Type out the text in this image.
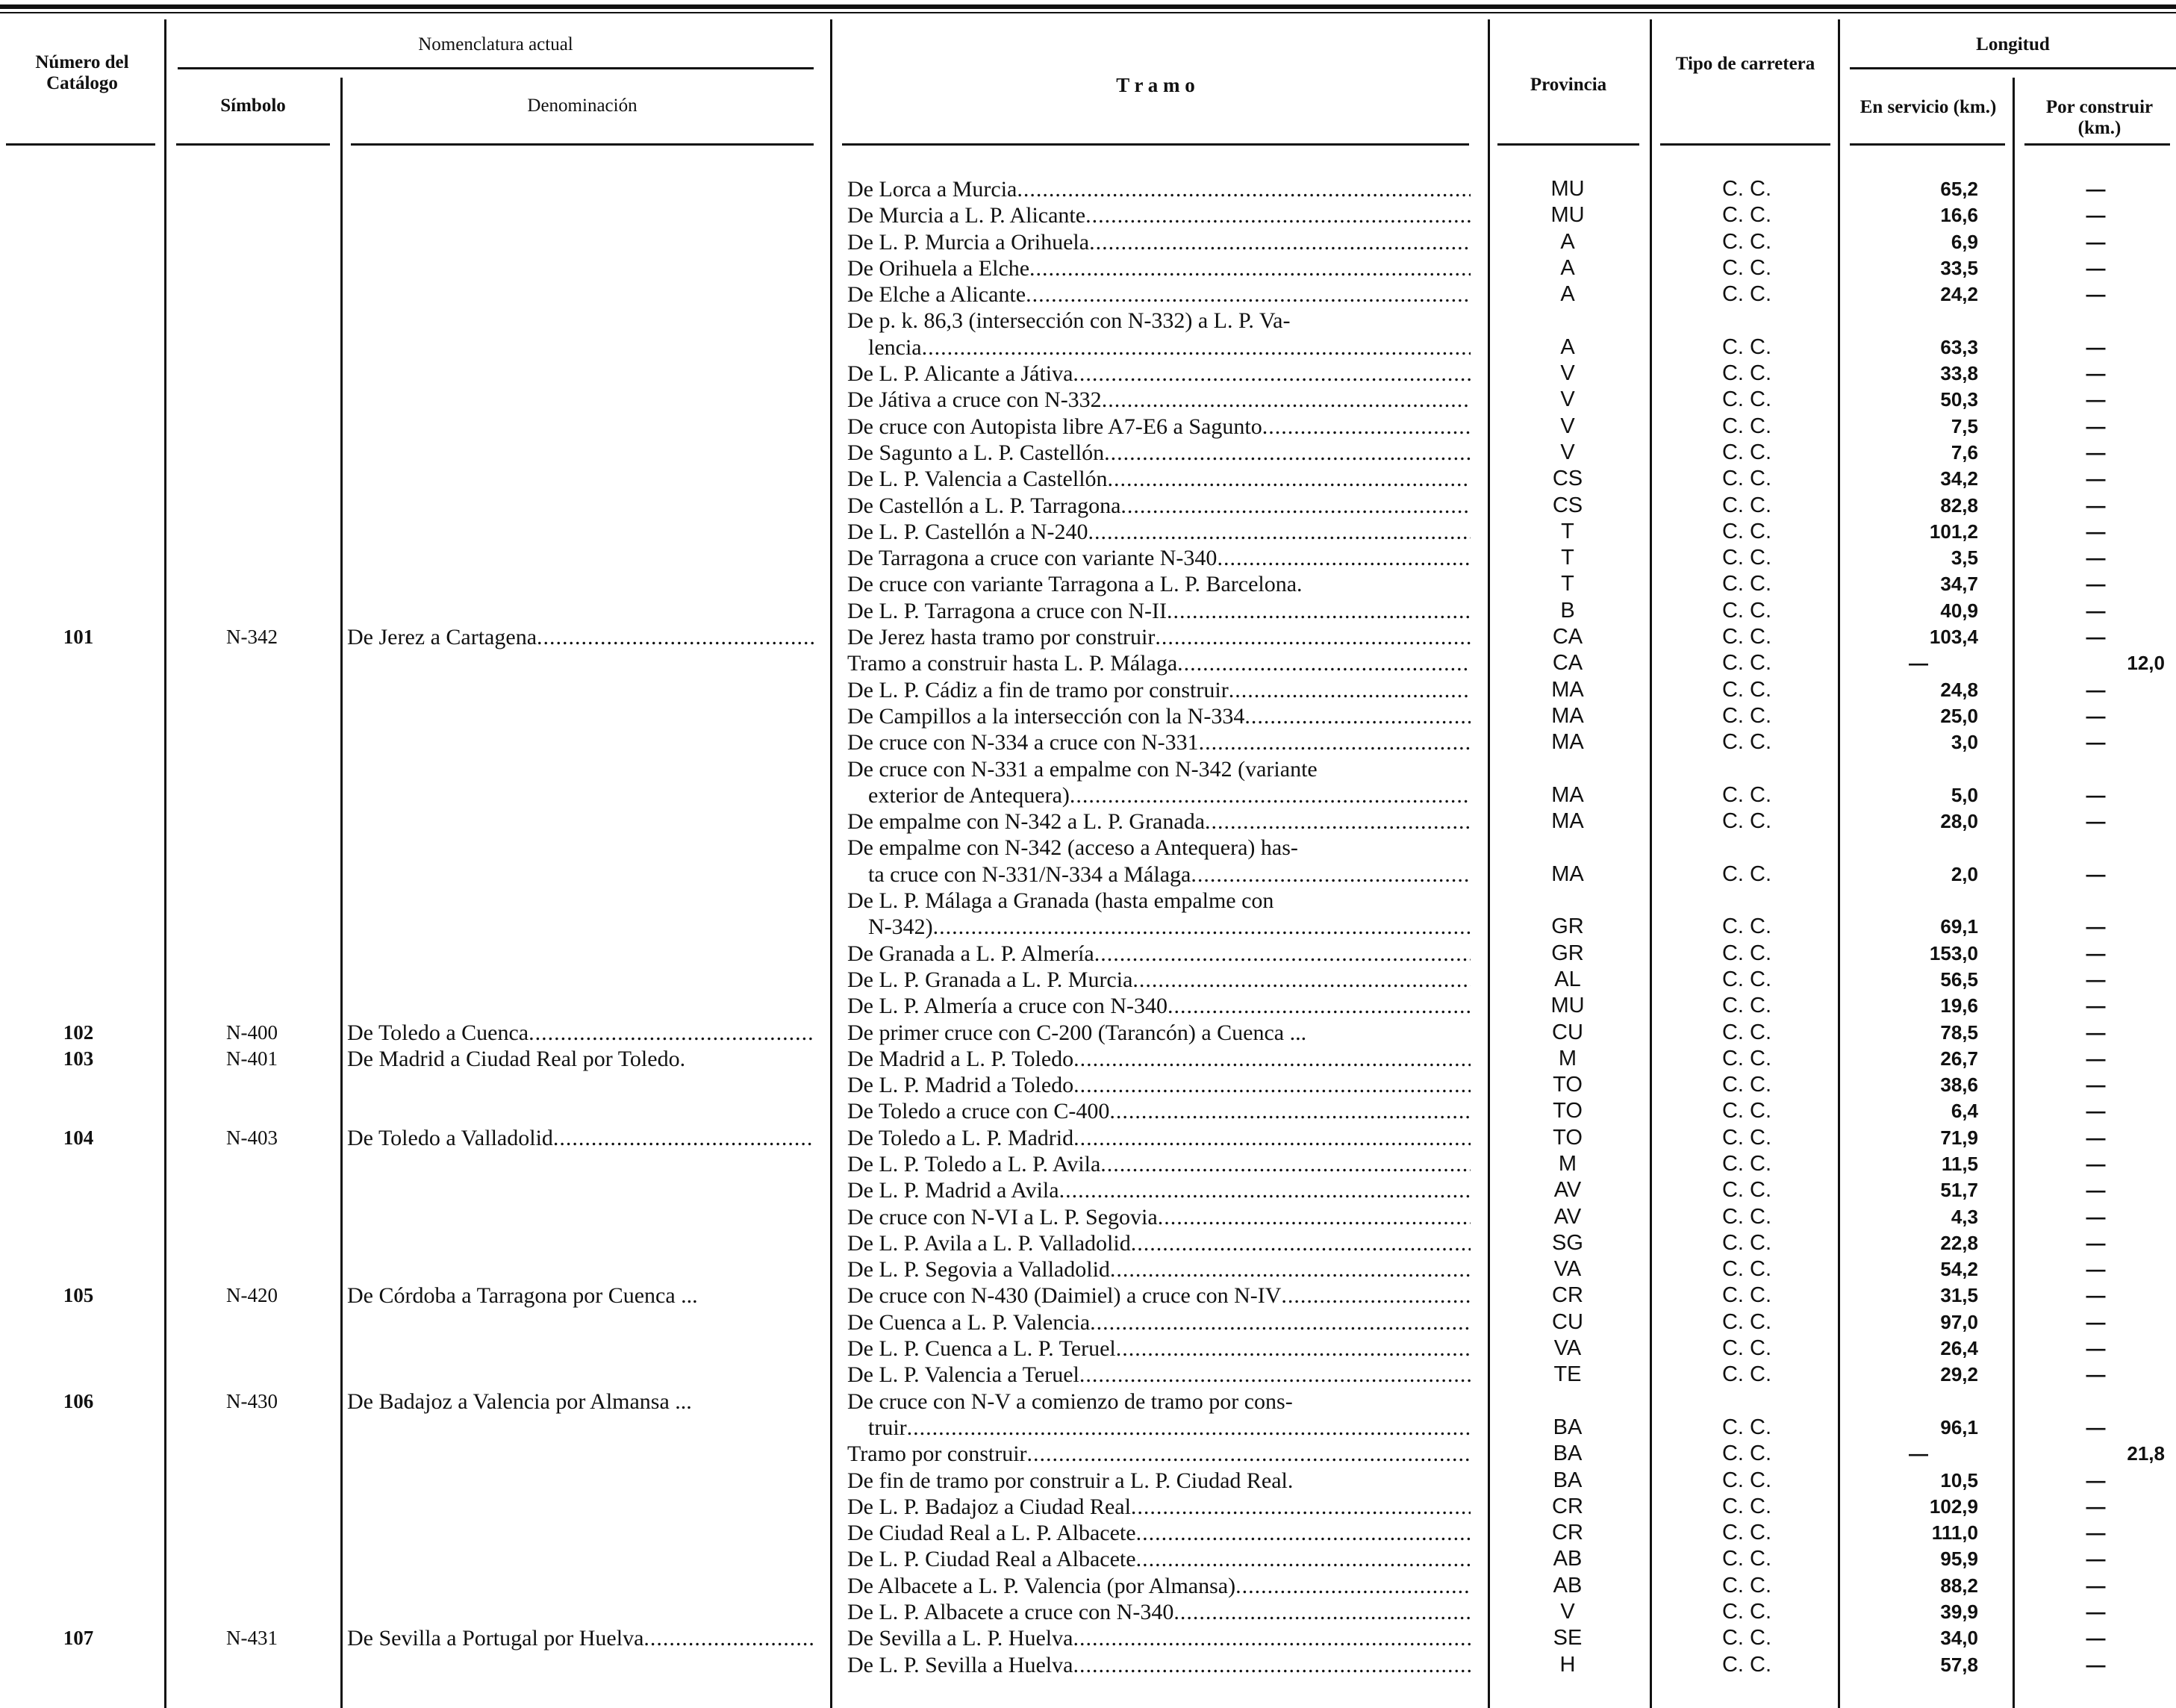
Número del Catálogo
Nomenclatura actual
Símbolo	Denominación
T r a m o	Provincia
Tipo de carretera
Longitud
En servicio (km.)	Por construir (km.)
De Lorca a Murcia .....	MU	C. C.	65,2	—
De Murcia a L. P. Alicante .....	MU	C. C.	16,6	—
De L. P. Murcia a Orihuela .....	A	C. C.	6,9	—
De Orihuela a Elche .....	A	C. C.	33,5	—
De Elche a Alicante .....	A	C. C.	24,2	—
De p. k. 86,3 (intersección con N-332) a L. P. Va-
lencia .....	A	C. C.	63,3	—
De L. P. Alicante a Játiva .....	V	C. C.	33,8	—
De Játiva a cruce con N-332 .....	V	C. C.	50,3	—
De cruce con Autopista libre A7-E6 a Sagunto .....	V	C. C.	7,5	—
De Sagunto a L. P. Castellón .....	V	C. C.	7,6	—
De L. P. Valencia a Castellón .....	CS	C. C.	34,2	—
De Castellón a L. P. Tarragona .....	CS	C. C.	82,8	—
De L. P. Castellón a N-240 .....	T	C. C.	101,2	—
De Tarragona a cruce con variante N-340 .....	T	C. C.	3,5	—
De cruce con variante Tarragona a L. P. Barcelona.	T	C. C.	34,7	—
De L. P. Tarragona a cruce con N-II .....	B	C. C.	40,9	—
101	N-342	De Jerez a Cartagena .....	De Jerez hasta tramo por construir .....	CA	C. C.	103,4	—
Tramo a construir hasta L. P. Málaga .....	CA	C. C.	—	12,0
De L. P. Cádiz a fin de tramo por construir .....	MA	C. C.	24,8	—
De Campillos a la intersección con la N-334 .....	MA	C. C.	25,0	—
De cruce con N-334 a cruce con N-331 .....	MA	C. C.	3,0	—
De cruce con N-331 a empalme con N-342 (variante
exterior de Antequera) .....	MA	C. C.	5,0	—
De empalme con N-342 a L. P. Granada .....	MA	C. C.	28,0	—
De empalme con N-342 (acceso a Antequera) has-
ta cruce con N-331/N-334 a Málaga .....	MA	C. C.	2,0	—
De L. P. Málaga a Granada (hasta empalme con
N-342) .....	GR	C. C.	69,1	—
De Granada a L. P. Almería .....	GR	C. C.	153,0	—
De L. P. Granada a L. P. Murcia .....	AL	C. C.	56,5	—
De L. P. Almería a cruce con N-340 .....	MU	C. C.	19,6	—
102	N-400	De Toledo a Cuenca .....	De primer cruce con C-200 (Tarancón) a Cuenca ...	CU	C. C.	78,5	—
103	N-401	De Madrid a Ciudad Real por Toledo.	De Madrid a L. P. Toledo .....	M	C. C.	26,7	—
De L. P. Madrid a Toledo .....	TO	C. C.	38,6	—
De Toledo a cruce con C-400 .....	TO	C. C.	6,4	—
104	N-403	De Toledo a Valladolid .....	De Toledo a L. P. Madrid .....	TO	C. C.	71,9	—
De L. P. Toledo a L. P. Avila .....	M	C. C.	11,5	—
De L. P. Madrid a Avila .....	AV	C. C.	51,7	—
De cruce con N-VI a L. P. Segovia .....	AV	C. C.	4,3	—
De L. P. Avila a L. P. Valladolid .....	SG	C. C.	22,8	—
De L. P. Segovia a Valladolid .....	VA	C. C.	54,2	—
105	N-420	De Córdoba a Tarragona por Cuenca ...	De cruce con N-430 (Daimiel) a cruce con N-IV .....	CR	C. C.	31,5	—
De Cuenca a L. P. Valencia .....	CU	C. C.	97,0	—
De L. P. Cuenca a L. P. Teruel .....	VA	C. C.	26,4	—
De L. P. Valencia a Teruel .....	TE	C. C.	29,2	—
106	N-430	De Badajoz a Valencia por Almansa ...	De cruce con N-V a comienzo de tramo por cons-
truir .....	BA	C. C.	96,1	—
Tramo por construir .....	BA	C. C.	—	21,8
De fin de tramo por construir a L. P. Ciudad Real.	BA	C. C.	10,5	—
De L. P. Badajoz a Ciudad Real .....	CR	C. C.	102,9	—
De Ciudad Real a L. P. Albacete .....	CR	C. C.	111,0	—
De L. P. Ciudad Real a Albacete .....	AB	C. C.	95,9	—
De Albacete a L. P. Valencia (por Almansa) .....	AB	C. C.	88,2	—
De L. P. Albacete a cruce con N-340 .....	V	C. C.	39,9	—
107	N-431	De Sevilla a Portugal por Huelva .....	De Sevilla a L. P. Huelva .....	SE	C. C.	34,0	—
De L. P. Sevilla a Huelva .....	H	C. C.	57,8	—
